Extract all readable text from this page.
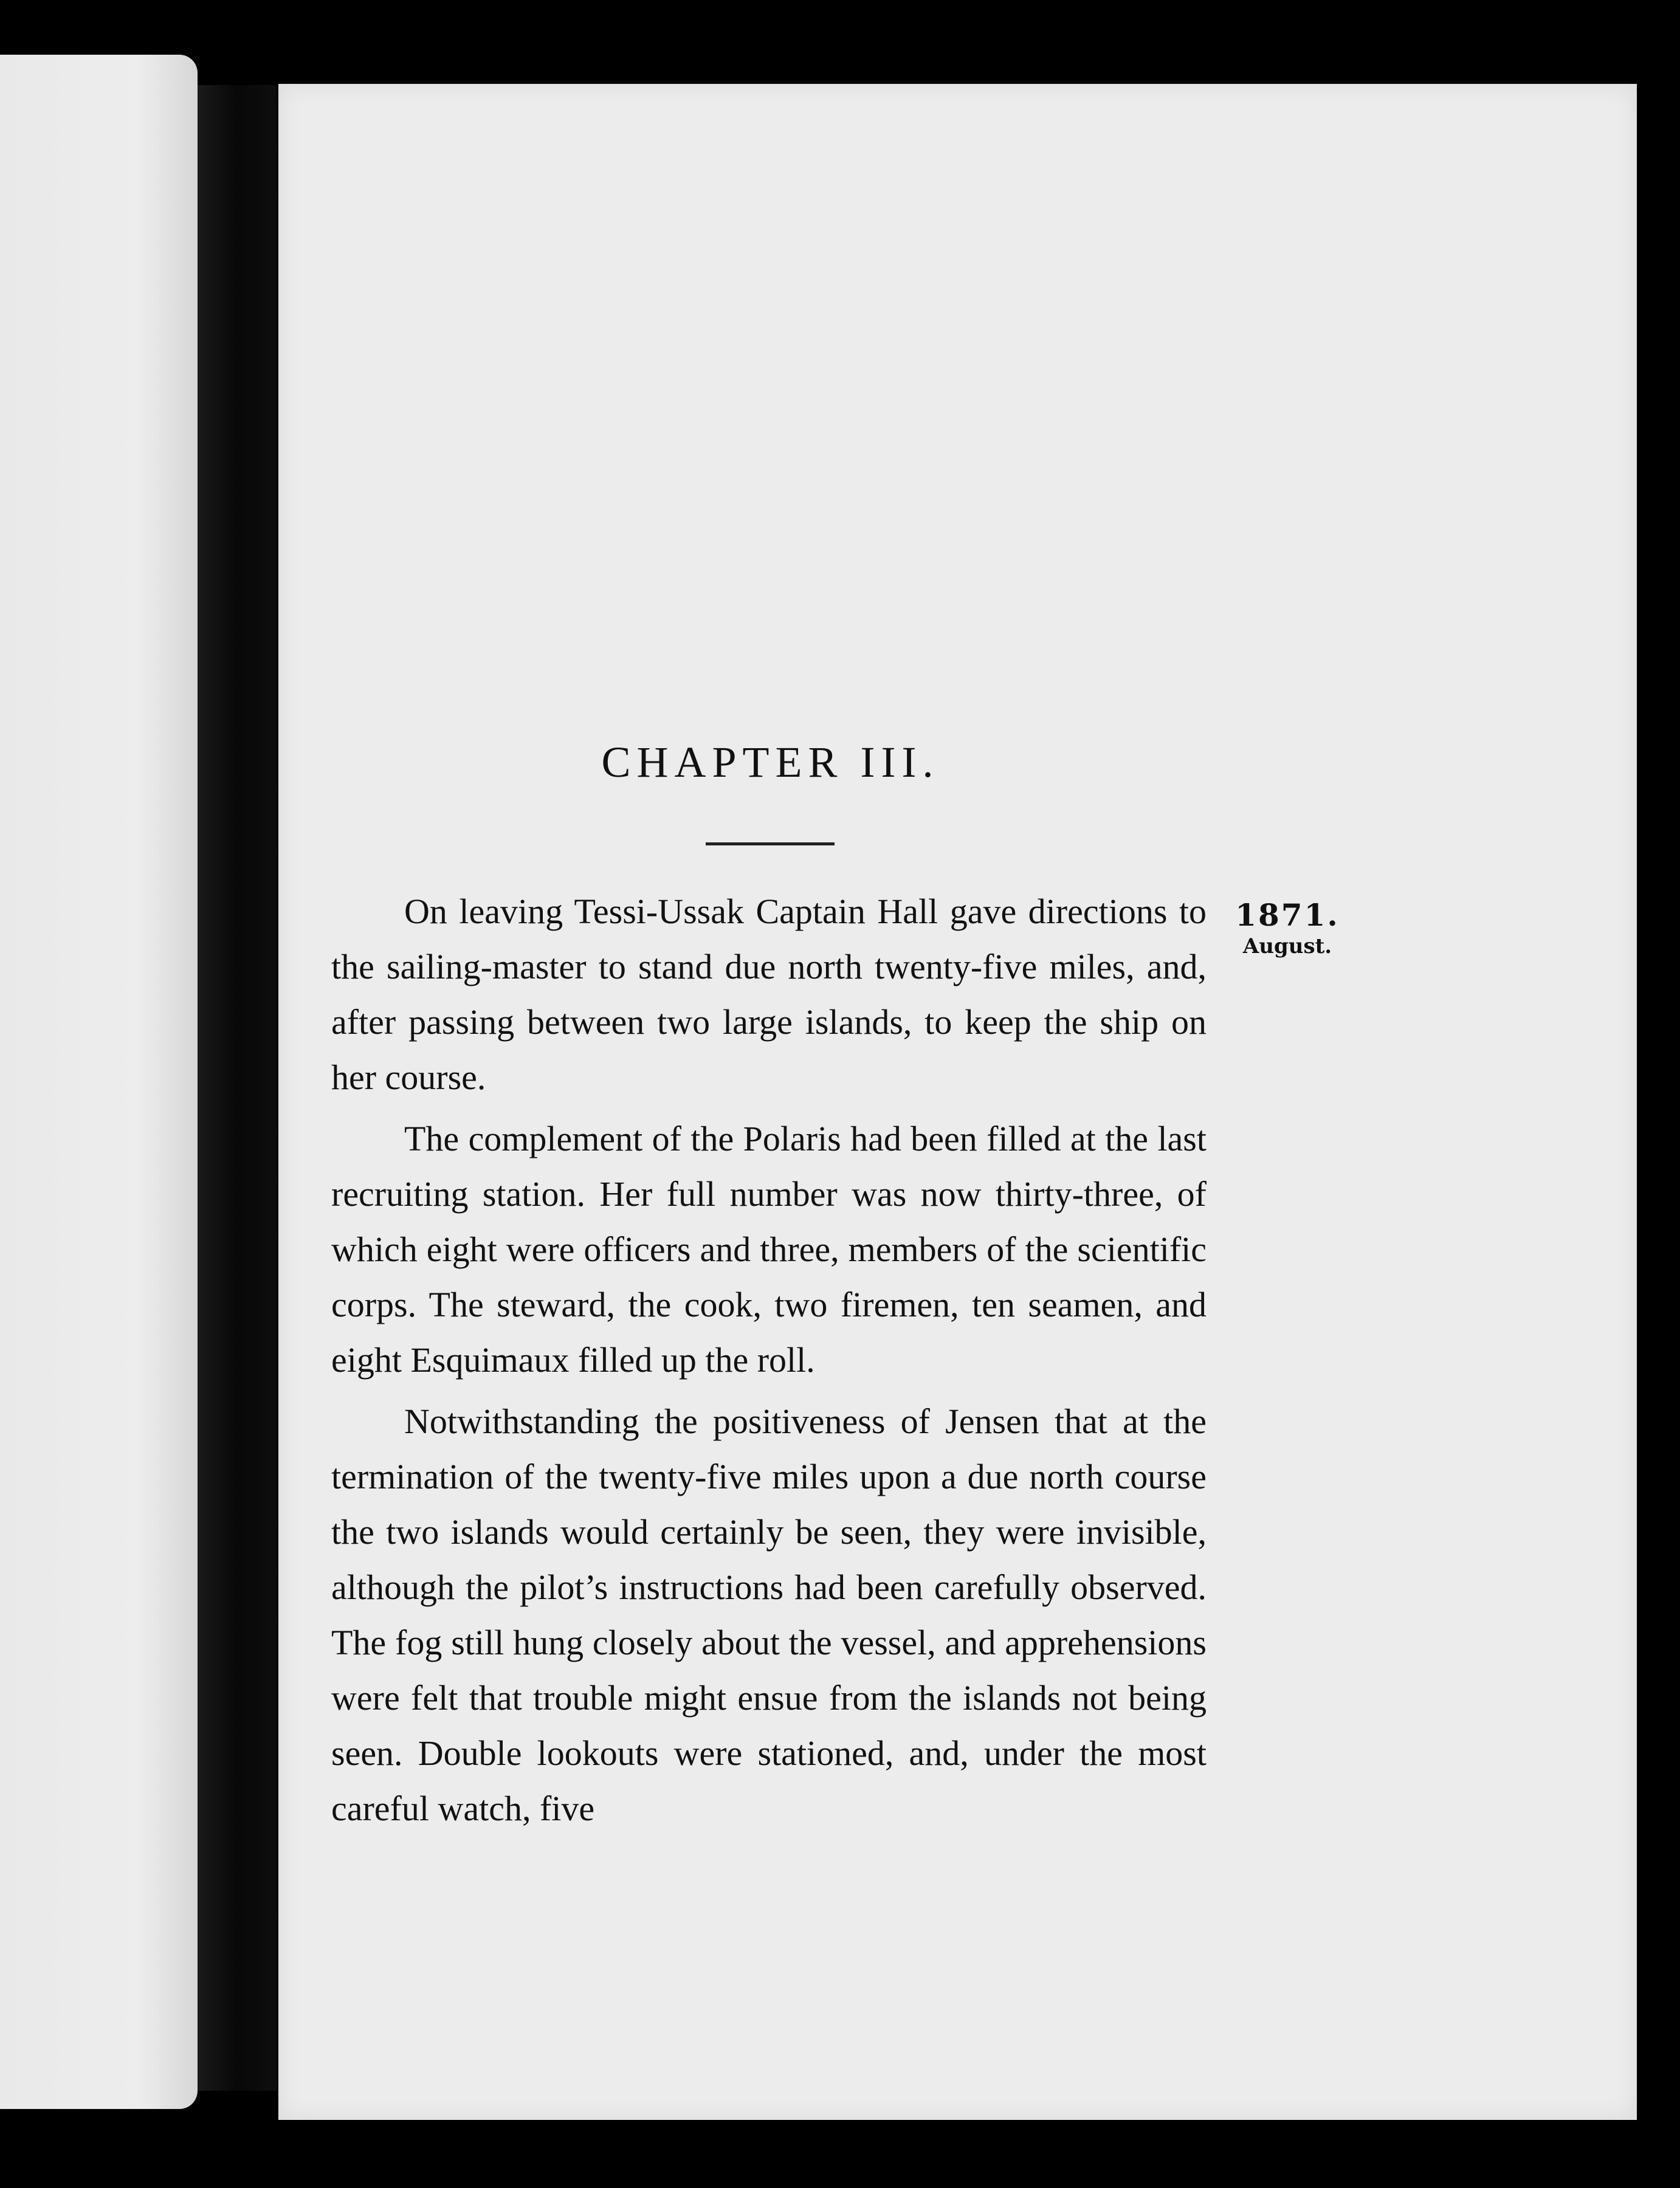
CHAPTER III.
1871.
August.

On leaving Tessi-Ussak Captain Hall gave directions to the sailing-master to stand due north twenty-five miles, and, after passing between two large islands, to keep the ship on her course.

The complement of the Polaris had been filled at the last recruiting station. Her full number was now thirty-three, of which eight were officers and three, members of the scientific corps. The steward, the cook, two firemen, ten seamen, and eight Esquimaux filled up the roll.

Notwithstanding the positiveness of Jensen that at the termination of the twenty-five miles upon a due north course the two islands would certainly be seen, they were invisible, although the pilot’s instructions had been carefully observed. The fog still hung closely about the vessel, and apprehensions were felt that trouble might ensue from the islands not being seen. Double lookouts were stationed, and, under the most careful watch, five
